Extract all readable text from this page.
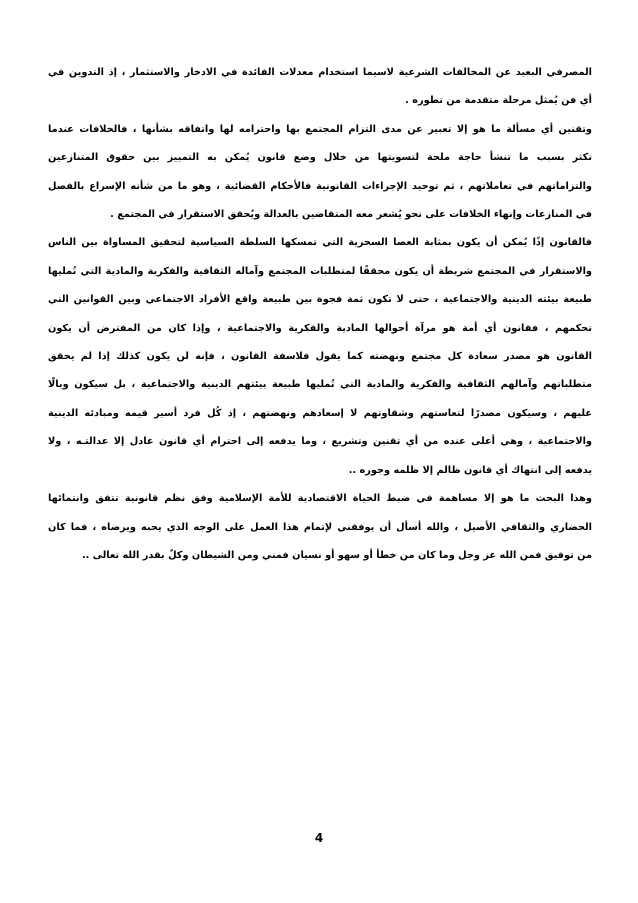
المصرفي البعيد عن المخالفات الشرعية لاسيما استخدام معدلات الفائدة في الادخار والاستثمار ، إذ التدوين في
أي فن يُمثل مرحلة متقدمة من تطوره .
وتقنين أي مسألة ما هو إلا تعبير عن مدى التزام المجتمع بها واحترامه لها واتفاقه بشأنها ، فالخلافات عندما
تكثر بسبب ما تنشأ حاجة ملحة لتسويتها من خلال وضع قانون يُمكن به التمييز بين حقوق المتنازعين
والتزاماتهم في تعاملاتهم ، ثم توحيد الإجراءات القانونية فالأحكام القضائية ، وهو ما من شأنه الإسراع بالفصل
في المنازعات وإنهاء الخلافات على نحو يُشعر معه المتقاضين بالعدالة ويُحقق الاستقرار في المجتمع .
فالقانون إذًا يُمكن أن يكون بمثابة العصا السحرية التي تمسكها السلطة السياسية لتحقيق المساواة بين الناس
والاستقرار في المجتمع شريطة أن يكون محققًا لمتطلبات المجتمع وآماله الثقافية والفكرية والمادية التي تُمليها
طبيعة بيئته الدينية والاجتماعية ، حتى لا تكون ثمة فجوة بين طبيعة واقع الأفراد الاجتماعي وبين القوانين التي
تحكمهم ، فقانون أي أمة هو مرآة أحوالها المادية والفكرية والاجتماعية ، وإذا كان من المفترض أن يكون
القانون هو مصدر سعادة كل مجتمع ونهضته كما يقول فلاسفة القانون ، فإنه لن يكون كذلك إذا لم يحقق
متطلباتهم وآمالهم الثقافية والفكرية والمادية التي تُمليها طبيعة بيئتهم الدينية والاجتماعية ، بل سيكون وبالًا
عليهم ، وسيكون مصدرًا لتعاستهم وشقاوتهم لا إسعادهم ونهضتهم ، إذ كُل فرد أسير قيمه ومبادئه الدينية
والاجتماعية ، وهي أعلى عنده من أي تقنين وتشريع ، وما يدفعه إلى احترام أي قانون عادل إلا عدالتـه ، ولا
يدفعه إلى انتهاك أي قانون ظالم إلا ظلمه وجوره ..
وهذا البحث ما هو إلا مساهمة في ضبط الحياة الاقتصادية للأمة الإسلامية وفق نظم قانونية تتفق وانتمائها
الحضاري والثقافي الأصيل ، والله أسأل أن يوفقني لإتمام هذا العمل على الوجه الذي يحبه ويرضاه ، فما كان
من توفيق فمن الله عز وجل وما كان من خطأ أو سهو أو نسيان فمني ومن الشيطان وكلٌ بقدر الله تعالى ..
4
